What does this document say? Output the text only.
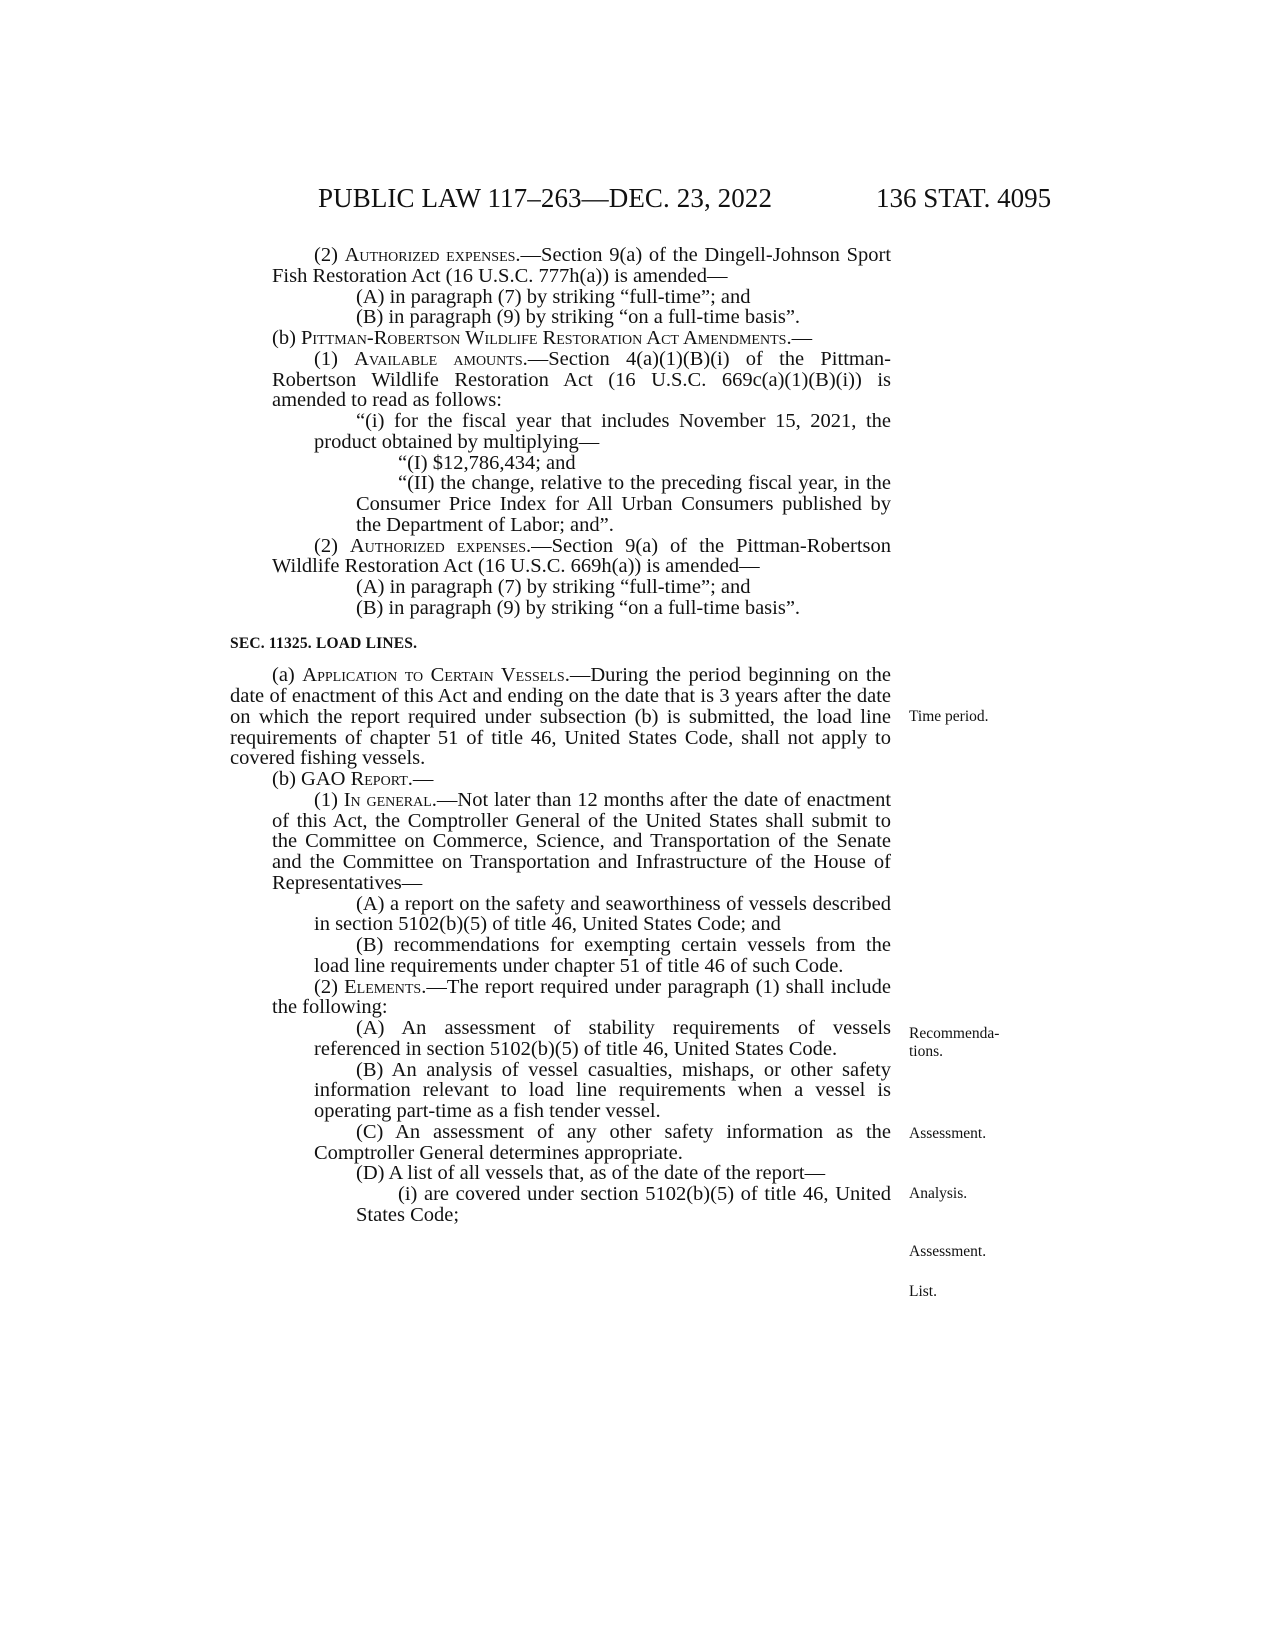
PUBLIC LAW 117–263—DEC. 23, 2022	136 STAT. 4095

(2) Authorized expenses.—Section 9(a) of the Dingell-Johnson Sport Fish Restoration Act (16 U.S.C. 777h(a)) is amended—

(A) in paragraph (7) by striking “full-time”; and

(B) in paragraph (9) by striking “on a full-time basis”.

(b) Pittman-Robertson Wildlife Restoration Act Amendments.—

(1) Available amounts.—Section 4(a)(1)(B)(i) of the Pittman-Robertson Wildlife Restoration Act (16 U.S.C. 669c(a)(1)(B)(i)) is amended to read as follows:

“(i) for the fiscal year that includes November 15, 2021, the product obtained by multiplying—

“(I) $12,786,434; and

“(II) the change, relative to the preceding fiscal year, in the Consumer Price Index for All Urban Consumers published by the Department of Labor; and”.

(2) Authorized expenses.—Section 9(a) of the Pittman-Robertson Wildlife Restoration Act (16 U.S.C. 669h(a)) is amended—

(A) in paragraph (7) by striking “full-time”; and

(B) in paragraph (9) by striking “on a full-time basis”.

SEC. 11325. LOAD LINES.

(a) Application to Certain Vessels.—During the period beginning on the date of enactment of this Act and ending on the date that is 3 years after the date on which the report required under subsection (b) is submitted, the load line requirements of chapter 51 of title 46, United States Code, shall not apply to covered fishing vessels.

(b) GAO Report.—

(1) In general.—Not later than 12 months after the date of enactment of this Act, the Comptroller General of the United States shall submit to the Committee on Commerce, Science, and Transportation of the Senate and the Committee on Transportation and Infrastructure of the House of Representatives—

(A) a report on the safety and seaworthiness of vessels described in section 5102(b)(5) of title 46, United States Code; and

(B) recommendations for exempting certain vessels from the load line requirements under chapter 51 of title 46 of such Code.

(2) Elements.—The report required under paragraph (1) shall include the following:

(A) An assessment of stability requirements of vessels referenced in section 5102(b)(5) of title 46, United States Code.

(B) An analysis of vessel casualties, mishaps, or other safety information relevant to load line requirements when a vessel is operating part-time as a fish tender vessel.

(C) An assessment of any other safety information as the Comptroller General determines appropriate.

(D) A list of all vessels that, as of the date of the report—

(i) are covered under section 5102(b)(5) of title 46, United States Code;

Time period.
Recommenda-
tions.
Assessment.
Analysis.
Assessment.
List.
